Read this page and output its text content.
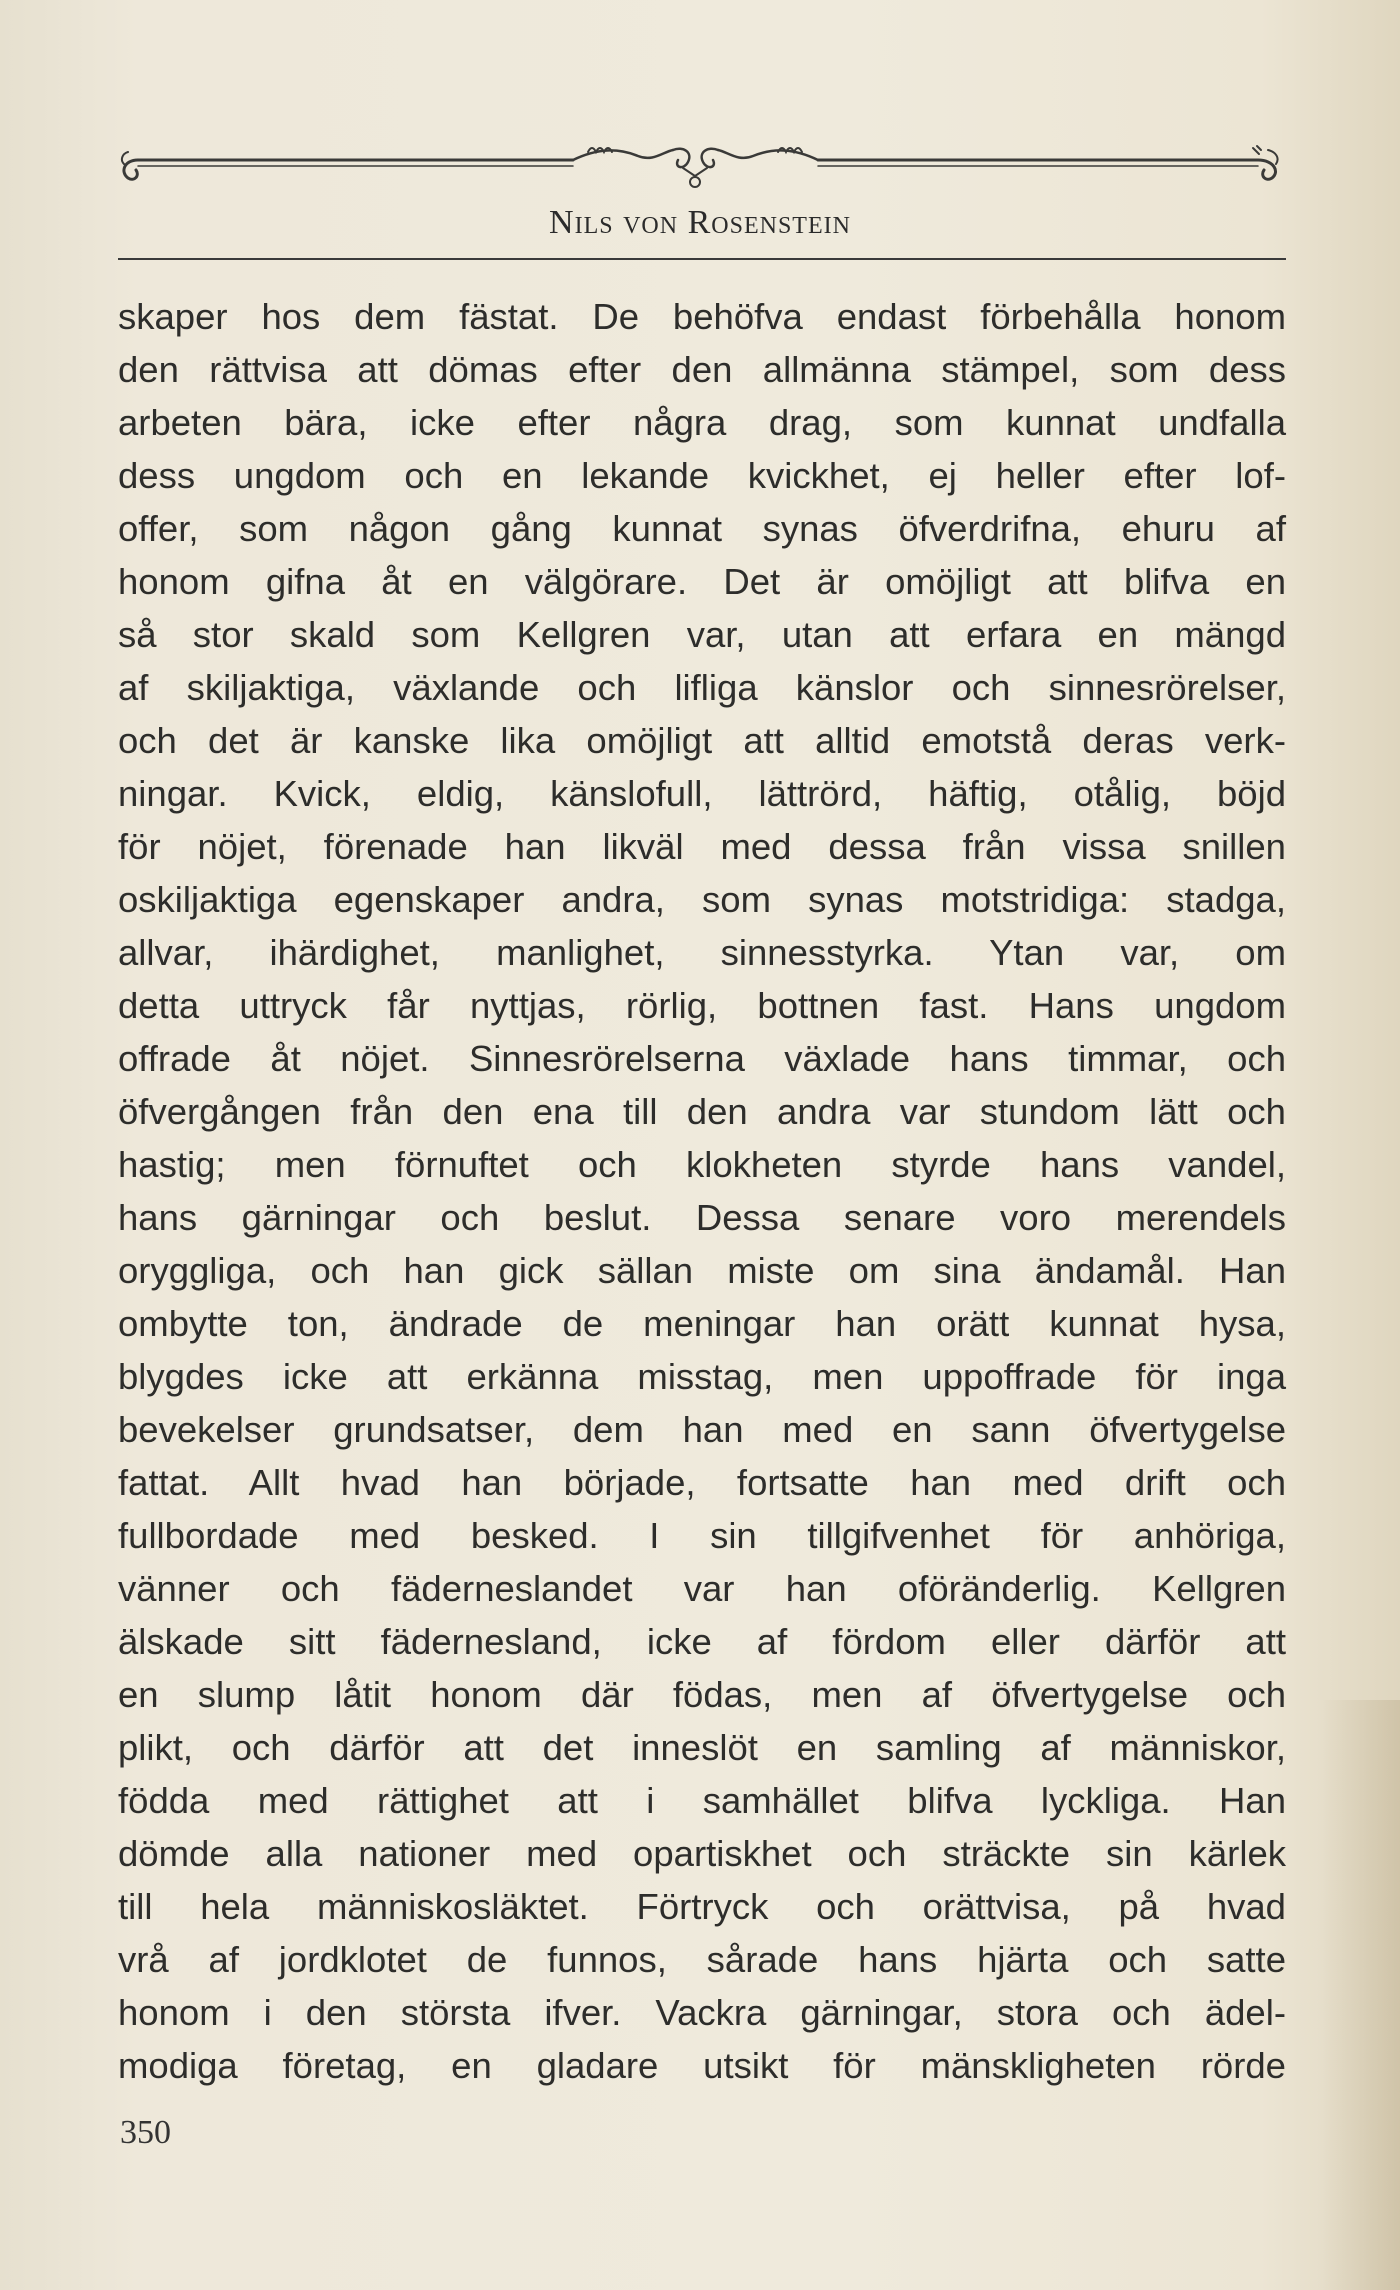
Nils von Rosenstein
skaper hos dem fästat. De behöfva endast förbehålla honom
den rättvisa att dömas efter den allmänna stämpel, som dess
arbeten bära, icke efter några drag, som kunnat undfalla
dess ungdom och en lekande kvickhet, ej heller efter lof-
offer, som någon gång kunnat synas öfverdrifna, ehuru af
honom gifna åt en välgörare. Det är omöjligt att blifva en
så stor skald som Kellgren var, utan att erfara en mängd
af skiljaktiga, växlande och lifliga känslor och sinnesrörelser,
och det är kanske lika omöjligt att alltid emotstå deras verk-
ningar. Kvick, eldig, känslofull, lättrörd, häftig, otålig, böjd
för nöjet, förenade han likväl med dessa från vissa snillen
oskiljaktiga egenskaper andra, som synas motstridiga: stadga,
allvar, ihärdighet, manlighet, sinnesstyrka. Ytan var, om
detta uttryck får nyttjas, rörlig, bottnen fast. Hans ungdom
offrade åt nöjet. Sinnesrörelserna växlade hans timmar, och
öfvergången från den ena till den andra var stundom lätt och
hastig; men förnuftet och klokheten styrde hans vandel,
hans gärningar och beslut. Dessa senare voro merendels
oryggliga, och han gick sällan miste om sina ändamål. Han
ombytte ton, ändrade de meningar han orätt kunnat hysa,
blygdes icke att erkänna misstag, men uppoffrade för inga
bevekelser grundsatser, dem han med en sann öfvertygelse
fattat. Allt hvad han började, fortsatte han med drift och
fullbordade med besked. I sin tillgifvenhet för anhöriga,
vänner och fäderneslandet var han oföränderlig. Kellgren
älskade sitt fädernesland, icke af fördom eller därför att
en slump låtit honom där födas, men af öfvertygelse och
plikt, och därför att det inneslöt en samling af människor,
födda med rättighet att i samhället blifva lyckliga. Han
dömde alla nationer med opartiskhet och sträckte sin kärlek
till hela människosläktet. Förtryck och orättvisa, på hvad
vrå af jordklotet de funnos, sårade hans hjärta och satte
honom i den största ifver. Vackra gärningar, stora och ädel-
modiga företag, en gladare utsikt för mänskligheten rörde
350
